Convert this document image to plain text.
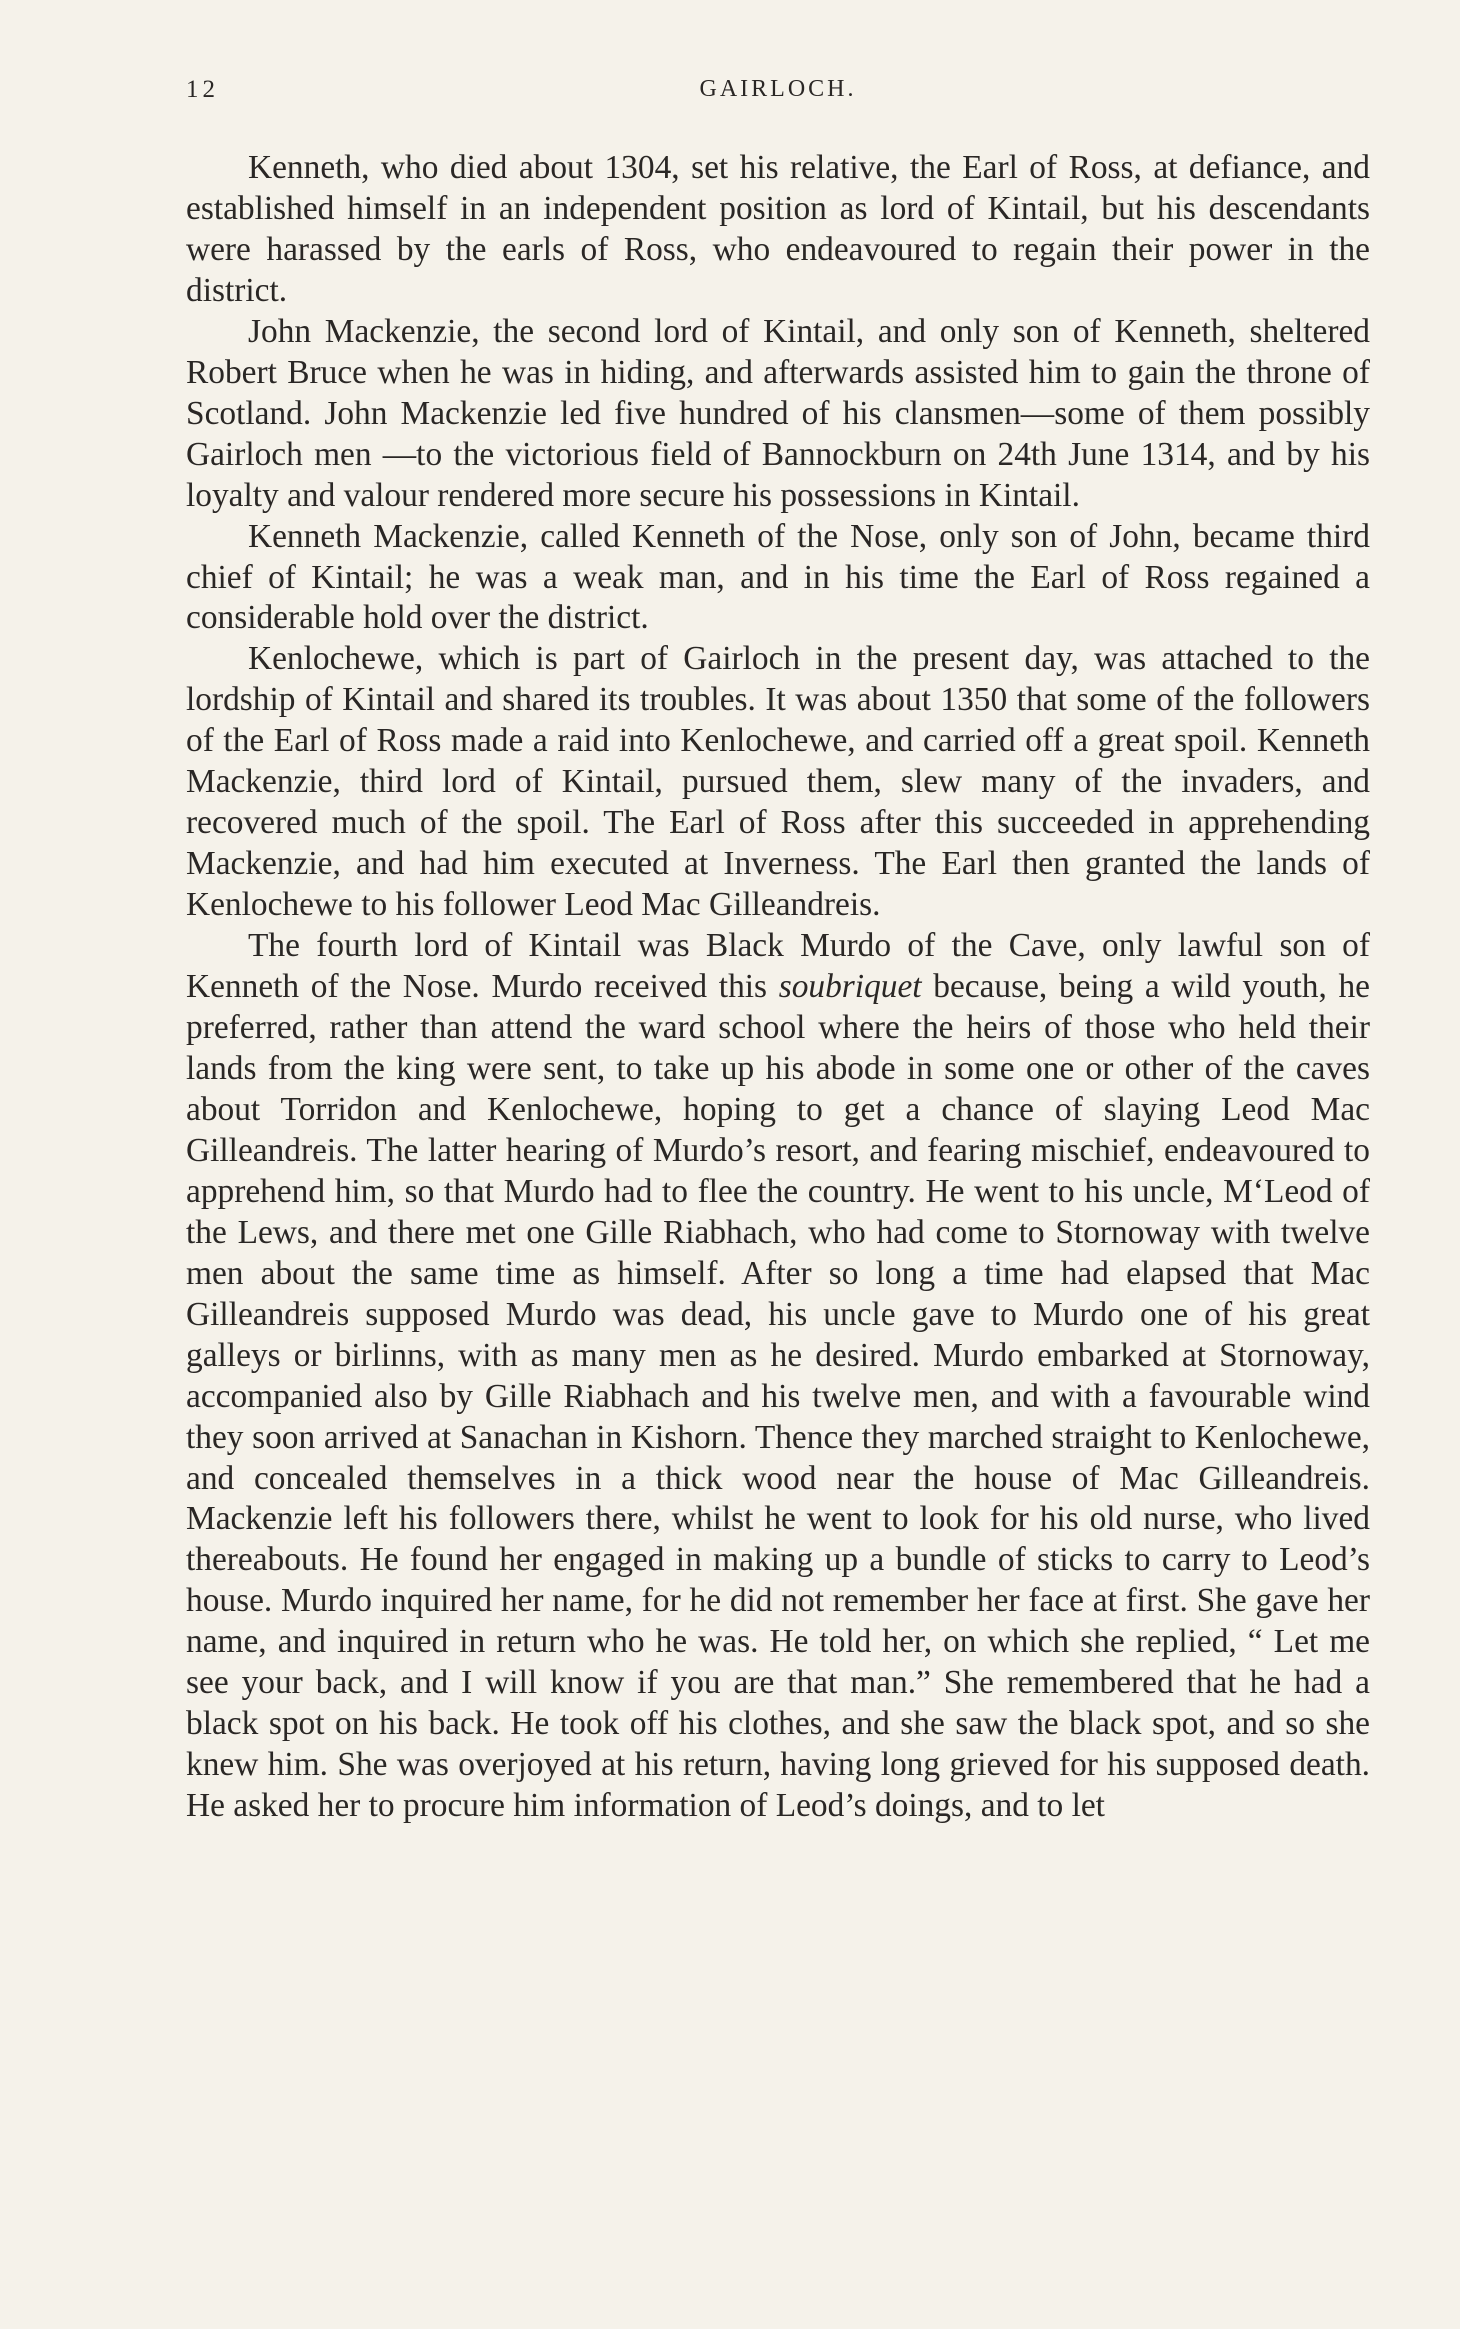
12	GAIRLOCH.

Kenneth, who died about 1304, set his relative, the Earl of Ross, at defiance, and established himself in an independent position as lord of Kintail, but his descendants were harassed by the earls of Ross, who endeavoured to regain their power in the district.

John Mackenzie, the second lord of Kintail, and only son of Kenneth, sheltered Robert Bruce when he was in hiding, and afterwards assisted him to gain the throne of Scotland. John Mackenzie led five hundred of his clansmen—some of them possibly Gairloch men —to the victorious field of Bannockburn on 24th June 1314, and by his loyalty and valour rendered more secure his possessions in Kintail.

Kenneth Mackenzie, called Kenneth of the Nose, only son of John, became third chief of Kintail; he was a weak man, and in his time the Earl of Ross regained a considerable hold over the district.

Kenlochewe, which is part of Gairloch in the present day, was attached to the lordship of Kintail and shared its troubles. It was about 1350 that some of the followers of the Earl of Ross made a raid into Kenlochewe, and carried off a great spoil. Kenneth Mackenzie, third lord of Kintail, pursued them, slew many of the invaders, and recovered much of the spoil. The Earl of Ross after this succeeded in apprehending Mackenzie, and had him executed at Inverness. The Earl then granted the lands of Kenlochewe to his follower Leod Mac Gilleandreis.

The fourth lord of Kintail was Black Murdo of the Cave, only lawful son of Kenneth of the Nose. Murdo received this soubriquet because, being a wild youth, he preferred, rather than attend the ward school where the heirs of those who held their lands from the king were sent, to take up his abode in some one or other of the caves about Torridon and Kenlochewe, hoping to get a chance of slaying Leod Mac Gilleandreis. The latter hearing of Murdo’s resort, and fearing mischief, endeavoured to apprehend him, so that Murdo had to flee the country. He went to his uncle, M‘Leod of the Lews, and there met one Gille Riabhach, who had come to Stornoway with twelve men about the same time as himself. After so long a time had elapsed that Mac Gilleandreis supposed Murdo was dead, his uncle gave to Murdo one of his great galleys or birlinns, with as many men as he desired. Murdo embarked at Stornoway, accompanied also by Gille Riabhach and his twelve men, and with a favourable wind they soon arrived at Sanachan in Kishorn. Thence they marched straight to Kenlochewe, and concealed themselves in a thick wood near the house of Mac Gilleandreis. Mackenzie left his followers there, whilst he went to look for his old nurse, who lived thereabouts. He found her engaged in making up a bundle of sticks to carry to Leod’s house. Murdo inquired her name, for he did not remember her face at first. She gave her name, and inquired in return who he was. He told her, on which she replied, “ Let me see your back, and I will know if you are that man.” She remembered that he had a black spot on his back. He took off his clothes, and she saw the black spot, and so she knew him. She was overjoyed at his return, having long grieved for his supposed death. He asked her to procure him information of Leod’s doings, and to let
